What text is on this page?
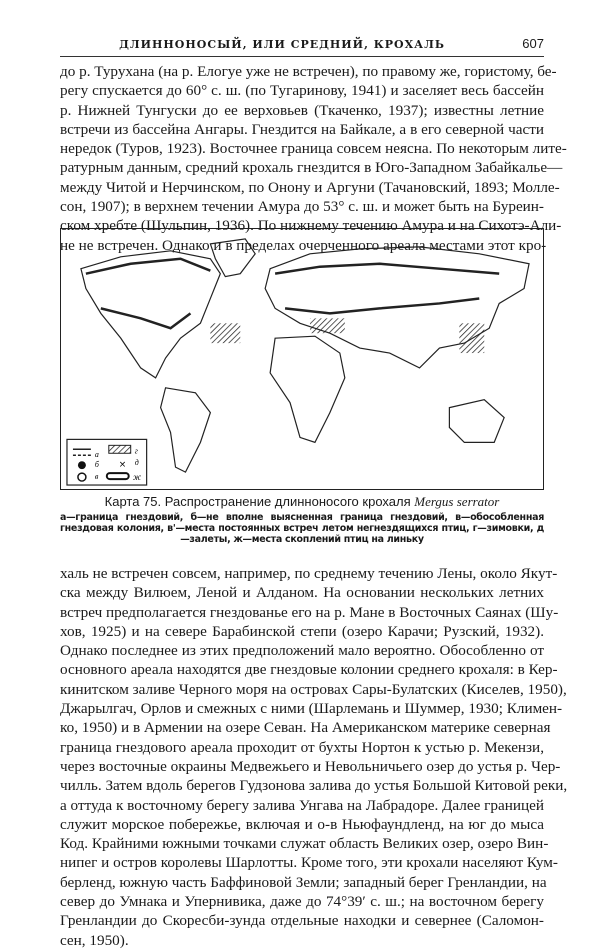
ДЛИННОНОСЫЙ, ИЛИ СРЕДНИЙ, КРОХАЛЬ	607
до р. Турухана (на р. Елогуе уже не встречен), по правому же, гористому, бе-
регу спускается до 60° с. ш. (по Тугаринову, 1941) и заселяет весь бассейн
р. Нижней Тунгуски до ее верховьев (Ткаченко, 1937); известны летние
встречи из бассейна Ангары. Гнездится на Байкале, а в его северной части
нередок (Туров, 1923). Восточнее граница совсем неясна. По некоторым лите-
ратурным данным, средний крохаль гнездится в Юго-Западном Забайкалье—
между Читой и Нерчинском, по Онону и Аргуни (Тачановский, 1893; Моллe-
сон, 1907); в верхнем течении Амура до 53° с. ш. и может быть на Буреин-
ском хребте (Шульпин, 1936). По нижнему течению Амура и на Сихотэ-Али-
не не встречен. Однако и в пределах очерченного ареала местами этот кро-
×
а
б
в
г
д
ж
Карта 75. Распространение длинноносого крохаля Mergus serrator
а—граница гнездовий, б—не вполне выясненная граница гнездовий, в—обособленная гнездовая колония, в'—места постоянных встреч летом негнездящихся птиц, г—зимовки, д—залеты, ж—места скоплений птиц на линьку
халь не встречен совсем, например, по среднему течению Лены, около Якут-
ска между Вилюем, Леной и Алданом. На основании нескольких летних
встреч предполагается гнездованье его на р. Мане в Восточных Саянах (Шу-
хов, 1925) и на севере Барабинской степи (озеро Карачи; Рузский, 1932).
Однако последнее из этих предположений мало вероятно. Обособленно от
основного ареала находятся две гнездовые колонии среднего крохаля: в Кер-
кинитском заливе Черного моря на островах Сары-Булатских (Киселев, 1950),
Джарылгач, Орлов и смежных с ними (Шарлемань и Шуммер, 1930; Климен-
ко, 1950) и в Армении на озере Севан. На Американском материке северная
граница гнездового ареала проходит от бухты Нортон к устью р. Мекензи,
через восточные окраины Медвежьего и Невольничьего озер до устья р. Чер-
чилль. Затем вдоль берегов Гудзонова залива до устья Большой Китовой реки,
а оттуда к восточному берегу залива Унгава на Лабрадоре. Далее границей
служит морское побережье, включая и о-в Ньюфаундленд, на юг до мыса
Код. Крайними южными точками служат область Великих озер, озеро Вин-
нипег и остров королевы Шарлотты. Кроме того, эти крохали населяют Кум-
берленд, южную часть Баффиновой Земли; западный берег Гренландии, на
север до Умнака и Упернивика, даже до 74°39′ с. ш.; на восточном берегу
Гренландии до Скоресби-зунда отдельные находки и севернее (Саломон-
сен, 1950).
